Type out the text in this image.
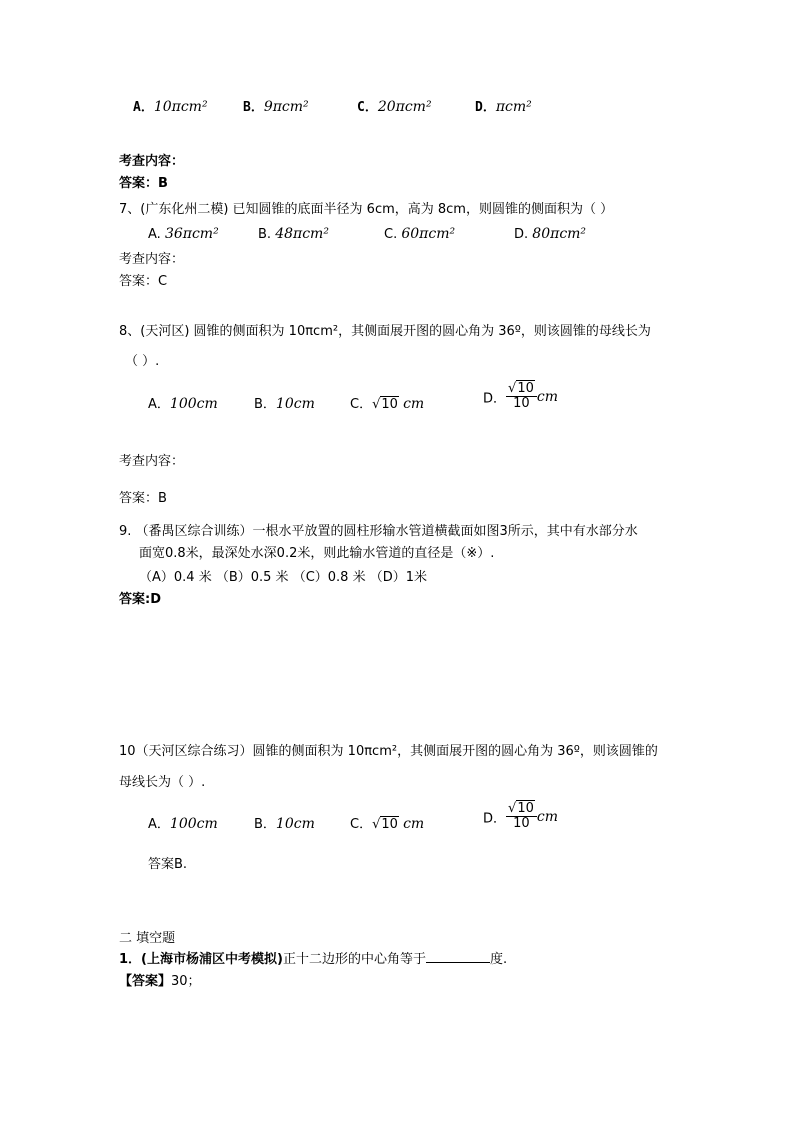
A．10πcm²	B．9πcm²	C．20πcm²	D．πcm²
考查内容：
答案：B
7、(广东化州二模) 已知圆锥的底面半径为 6cm，高为 8cm，则圆锥的侧面积为（ ）
A. 36πcm²	B. 48πcm²	C. 60πcm²	D. 80πcm²
考查内容：
答案：C
8、(天河区) 圆锥的侧面积为 10πcm²，其侧面展开图的圆心角为 36º，则该圆锥的母线长为
（ ）.
A．100cm	B．10cm	C．√10 cm	D． $\frac{√10}{10}$ cm
考查内容：
答案：B
9. （番禺区综合训练）一根水平放置的圆柱形输水管道横截面如图3所示，其中有水部分水
面宽0.8米，最深处水深0.2米，则此输水管道的直径是（※）.
（A）0.4 米 （B）0.5 米 （C）0.8 米 （D）1米
答案:D
10（天河区综合练习）圆锥的侧面积为 10πcm²，其侧面展开图的圆心角为 36º，则该圆锥的
母线长为（ ）.
A．100cm	B．10cm	C．√10 cm	D． $\frac{√10}{10}$ cm
答案B.
二 填空题
1．(上海市杨浦区中考模拟)正十二边形的中心角等于	度.
【答案】30；
